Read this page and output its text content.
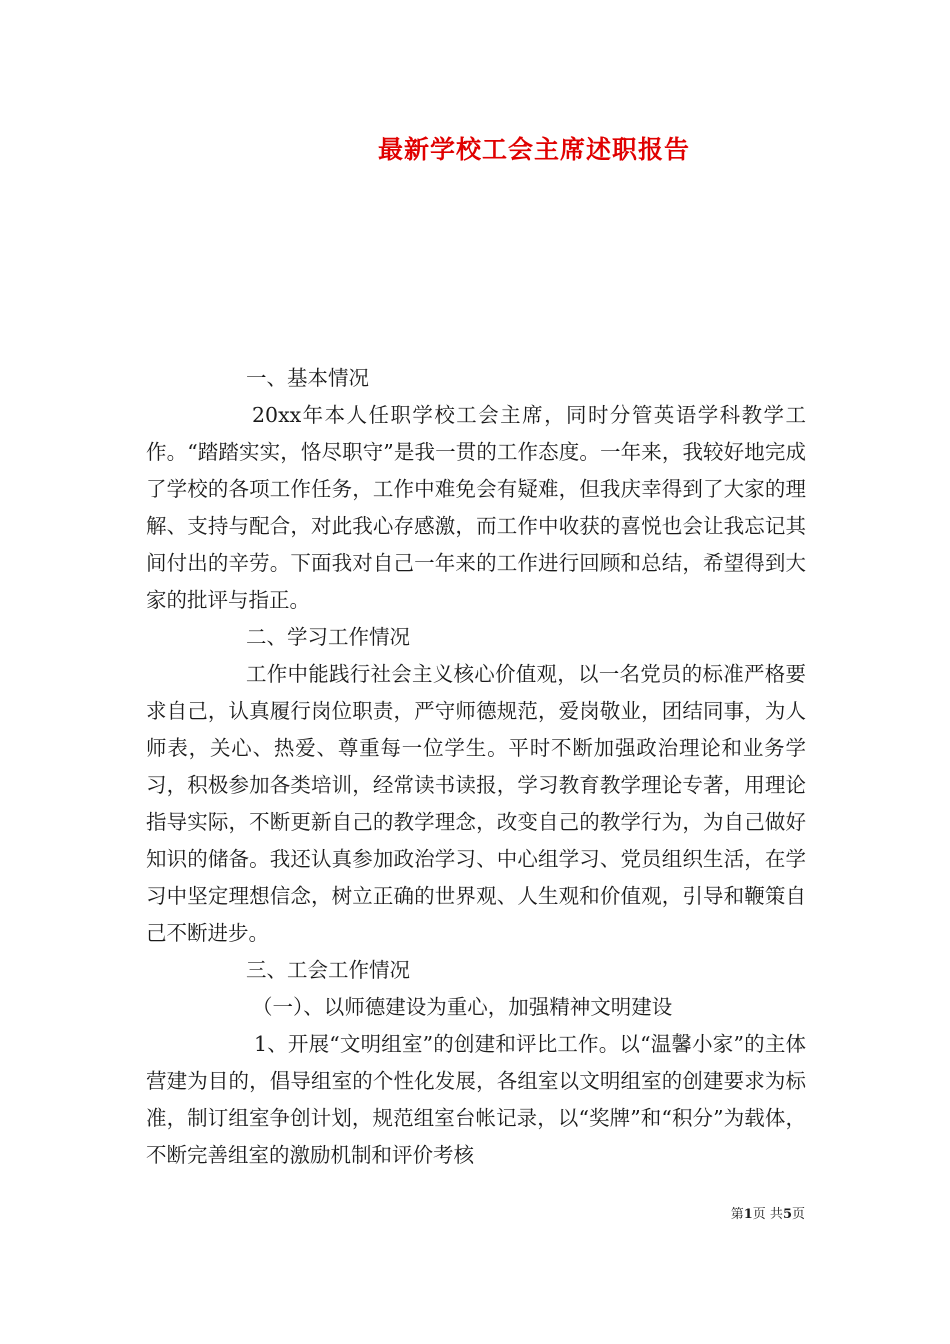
最新学校工会主席述职报告

一、基本情况

20xx年本人任职学校工会主席，同时分管英语学科教学工作。“踏踏实实，恪尽职守”是我一贯的工作态度。一年来，我较好地完成了学校的各项工作任务，工作中难免会有疑难，但我庆幸得到了大家的理解、支持与配合，对此我心存感激，而工作中收获的喜悦也会让我忘记其间付出的辛劳。下面我对自己一年来的工作进行回顾和总结，希望得到大家的批评与指正。

二、学习工作情况

工作中能践行社会主义核心价值观，以一名党员的标准严格要求自己，认真履行岗位职责，严守师德规范，爱岗敬业，团结同事，为人师表，关心、热爱、尊重每一位学生。平时不断加强政治理论和业务学习，积极参加各类培训，经常读书读报，学习教育教学理论专著，用理论指导实际，不断更新自己的教学理念，改变自己的教学行为，为自己做好知识的储备。我还认真参加政治学习、中心组学习、党员组织生活，在学习中坚定理想信念，树立正确的世界观、人生观和价值观，引导和鞭策自己不断进步。

三、工会工作情况

（一）、以师德建设为重心，加强精神文明建设

1、开展“文明组室”的创建和评比工作。以“温馨小家”的主体营建为目的，倡导组室的个性化发展，各组室以文明组室的创建要求为标准，制订组室争创计划，规范组室台帐记录，以“奖牌”和“积分”为载体，不断完善组室的激励机制和评价考核

第1页 共5页
